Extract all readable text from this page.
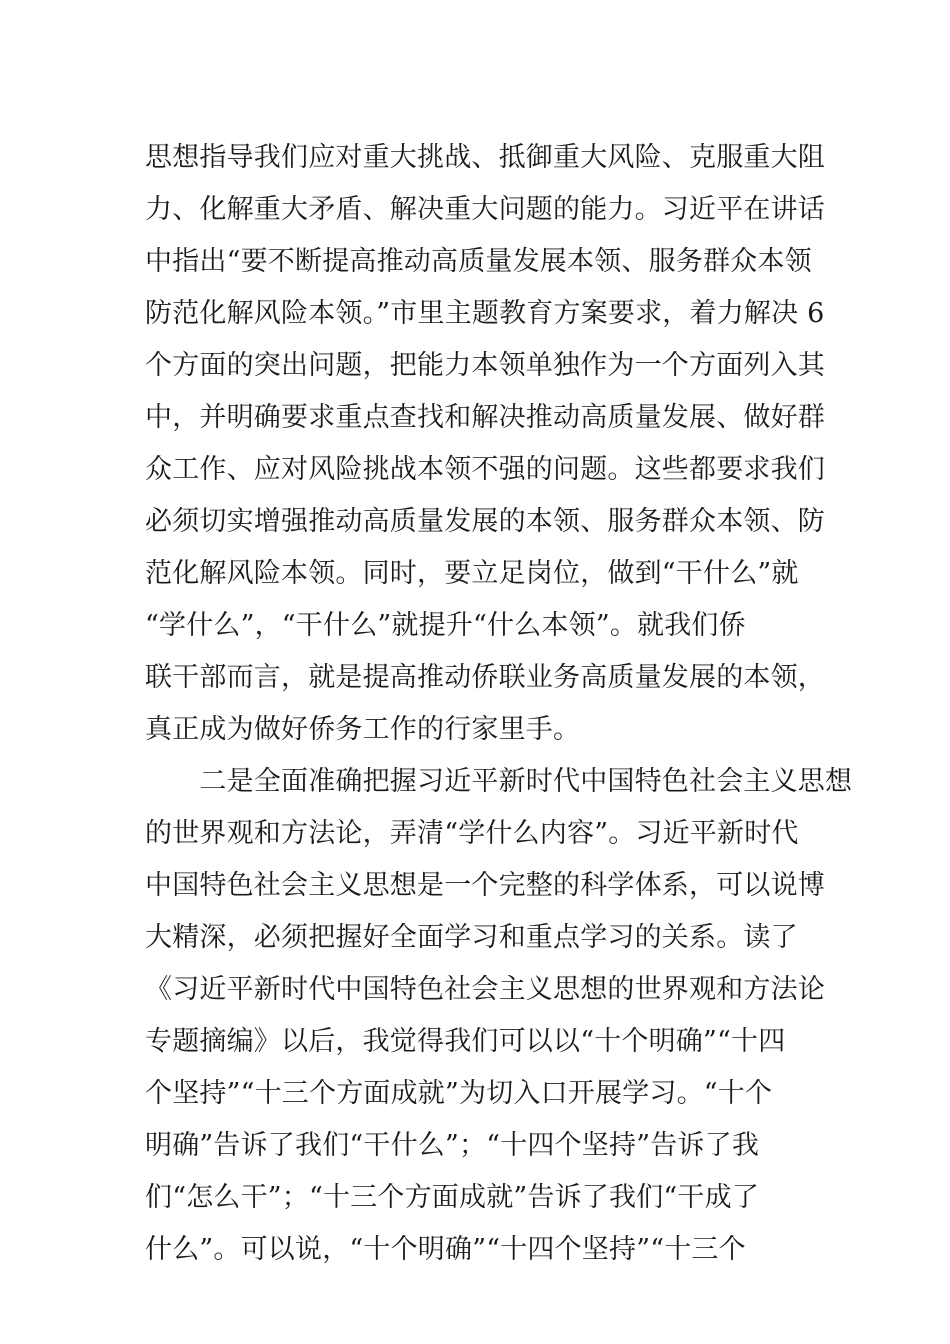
思想指导我们应对重大挑战、抵御重大风险、克服重大阻
力、化解重大矛盾、解决重大问题的能力。习近平在讲话
中指出“要不断提高推动高质量发展本领、服务群众本领
防范化解风险本领。”市里主题教育方案要求，着力解决 6
个方面的突出问题，把能力本领单独作为一个方面列入其
中，并明确要求重点查找和解决推动高质量发展、做好群
众工作、应对风险挑战本领不强的问题。这些都要求我们
必须切实增强推动高质量发展的本领、服务群众本领、防
范化解风险本领。同时，要立足岗位，做到“干什么”就
“学什么”，“干什么”就提升“什么本领”。就我们侨
联干部而言，就是提高推动侨联业务高质量发展的本领，
真正成为做好侨务工作的行家里手。
　　二是全面准确把握习近平新时代中国特色社会主义思想
的世界观和方法论，弄清“学什么内容”。习近平新时代
中国特色社会主义思想是一个完整的科学体系，可以说博
大精深，必须把握好全面学习和重点学习的关系。读了
《习近平新时代中国特色社会主义思想的世界观和方法论
专题摘编》以后，我觉得我们可以以“十个明确”“十四
个坚持”“十三个方面成就”为切入口开展学习。“十个
明确”告诉了我们“干什么”；“十四个坚持”告诉了我
们“怎么干”；“十三个方面成就”告诉了我们“干成了
什么”。可以说，“十个明确”“十四个坚持”“十三个
